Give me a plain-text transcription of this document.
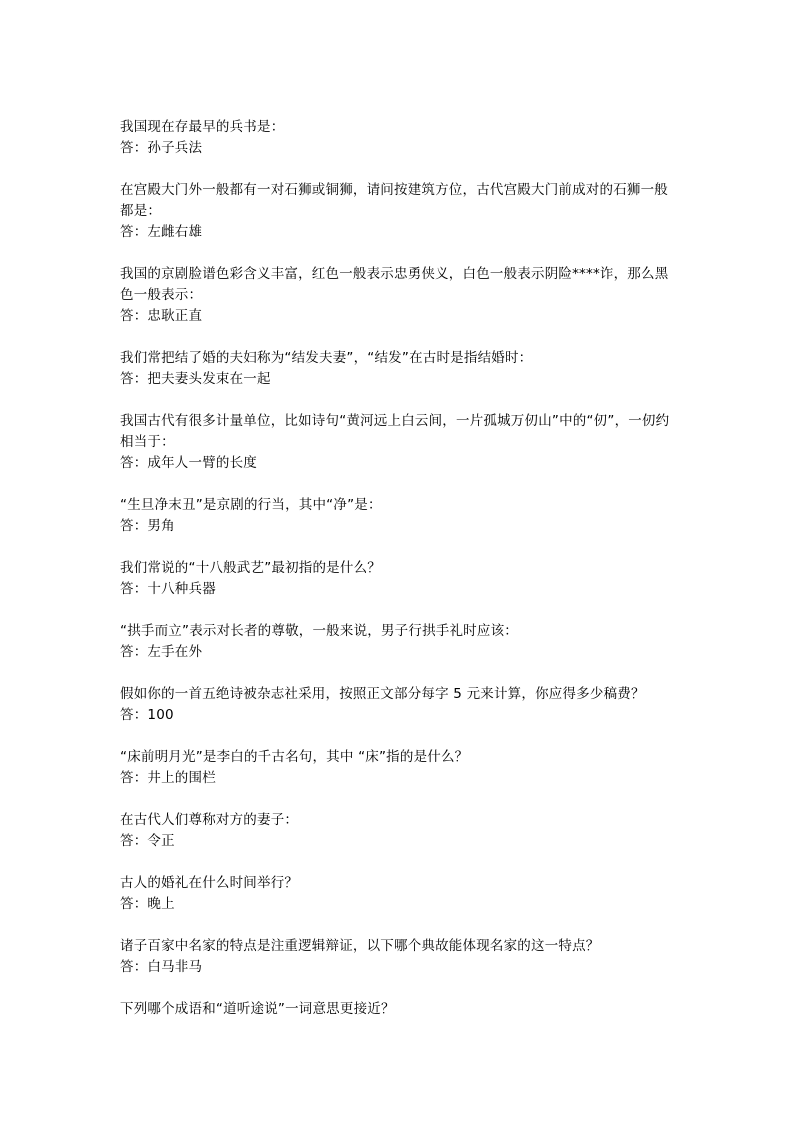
我国现在存最早的兵书是：

答：孙子兵法

在宫殿大门外一般都有一对石狮或铜狮，请问按建筑方位，古代宫殿大门前成对的石狮一般都是：

答：左雌右雄

我国的京剧脸谱色彩含义丰富，红色一般表示忠勇侠义，白色一般表示阴险****诈，那么黑色一般表示：

答：忠耿正直

我们常把结了婚的夫妇称为“结发夫妻”，“结发”在古时是指结婚时：

答：把夫妻头发束在一起

我国古代有很多计量单位，比如诗句“黄河远上白云间，一片孤城万仞山”中的“仞”，一仞约相当于：

答：成年人一臂的长度

“生旦净末丑”是京剧的行当，其中“净”是：

答：男角

我们常说的“十八般武艺”最初指的是什么？

答：十八种兵器

“拱手而立”表示对长者的尊敬，一般来说，男子行拱手礼时应该：

答：左手在外

假如你的一首五绝诗被杂志社采用，按照正文部分每字 5 元来计算，你应得多少稿费？

答：100

“床前明月光”是李白的千古名句，其中 “床”指的是什么？

答：井上的围栏

在古代人们尊称对方的妻子：

答：令正

古人的婚礼在什么时间举行？

答：晚上

诸子百家中名家的特点是注重逻辑辩证，以下哪个典故能体现名家的这一特点？

答：白马非马

下列哪个成语和“道听途说”一词意思更接近？
